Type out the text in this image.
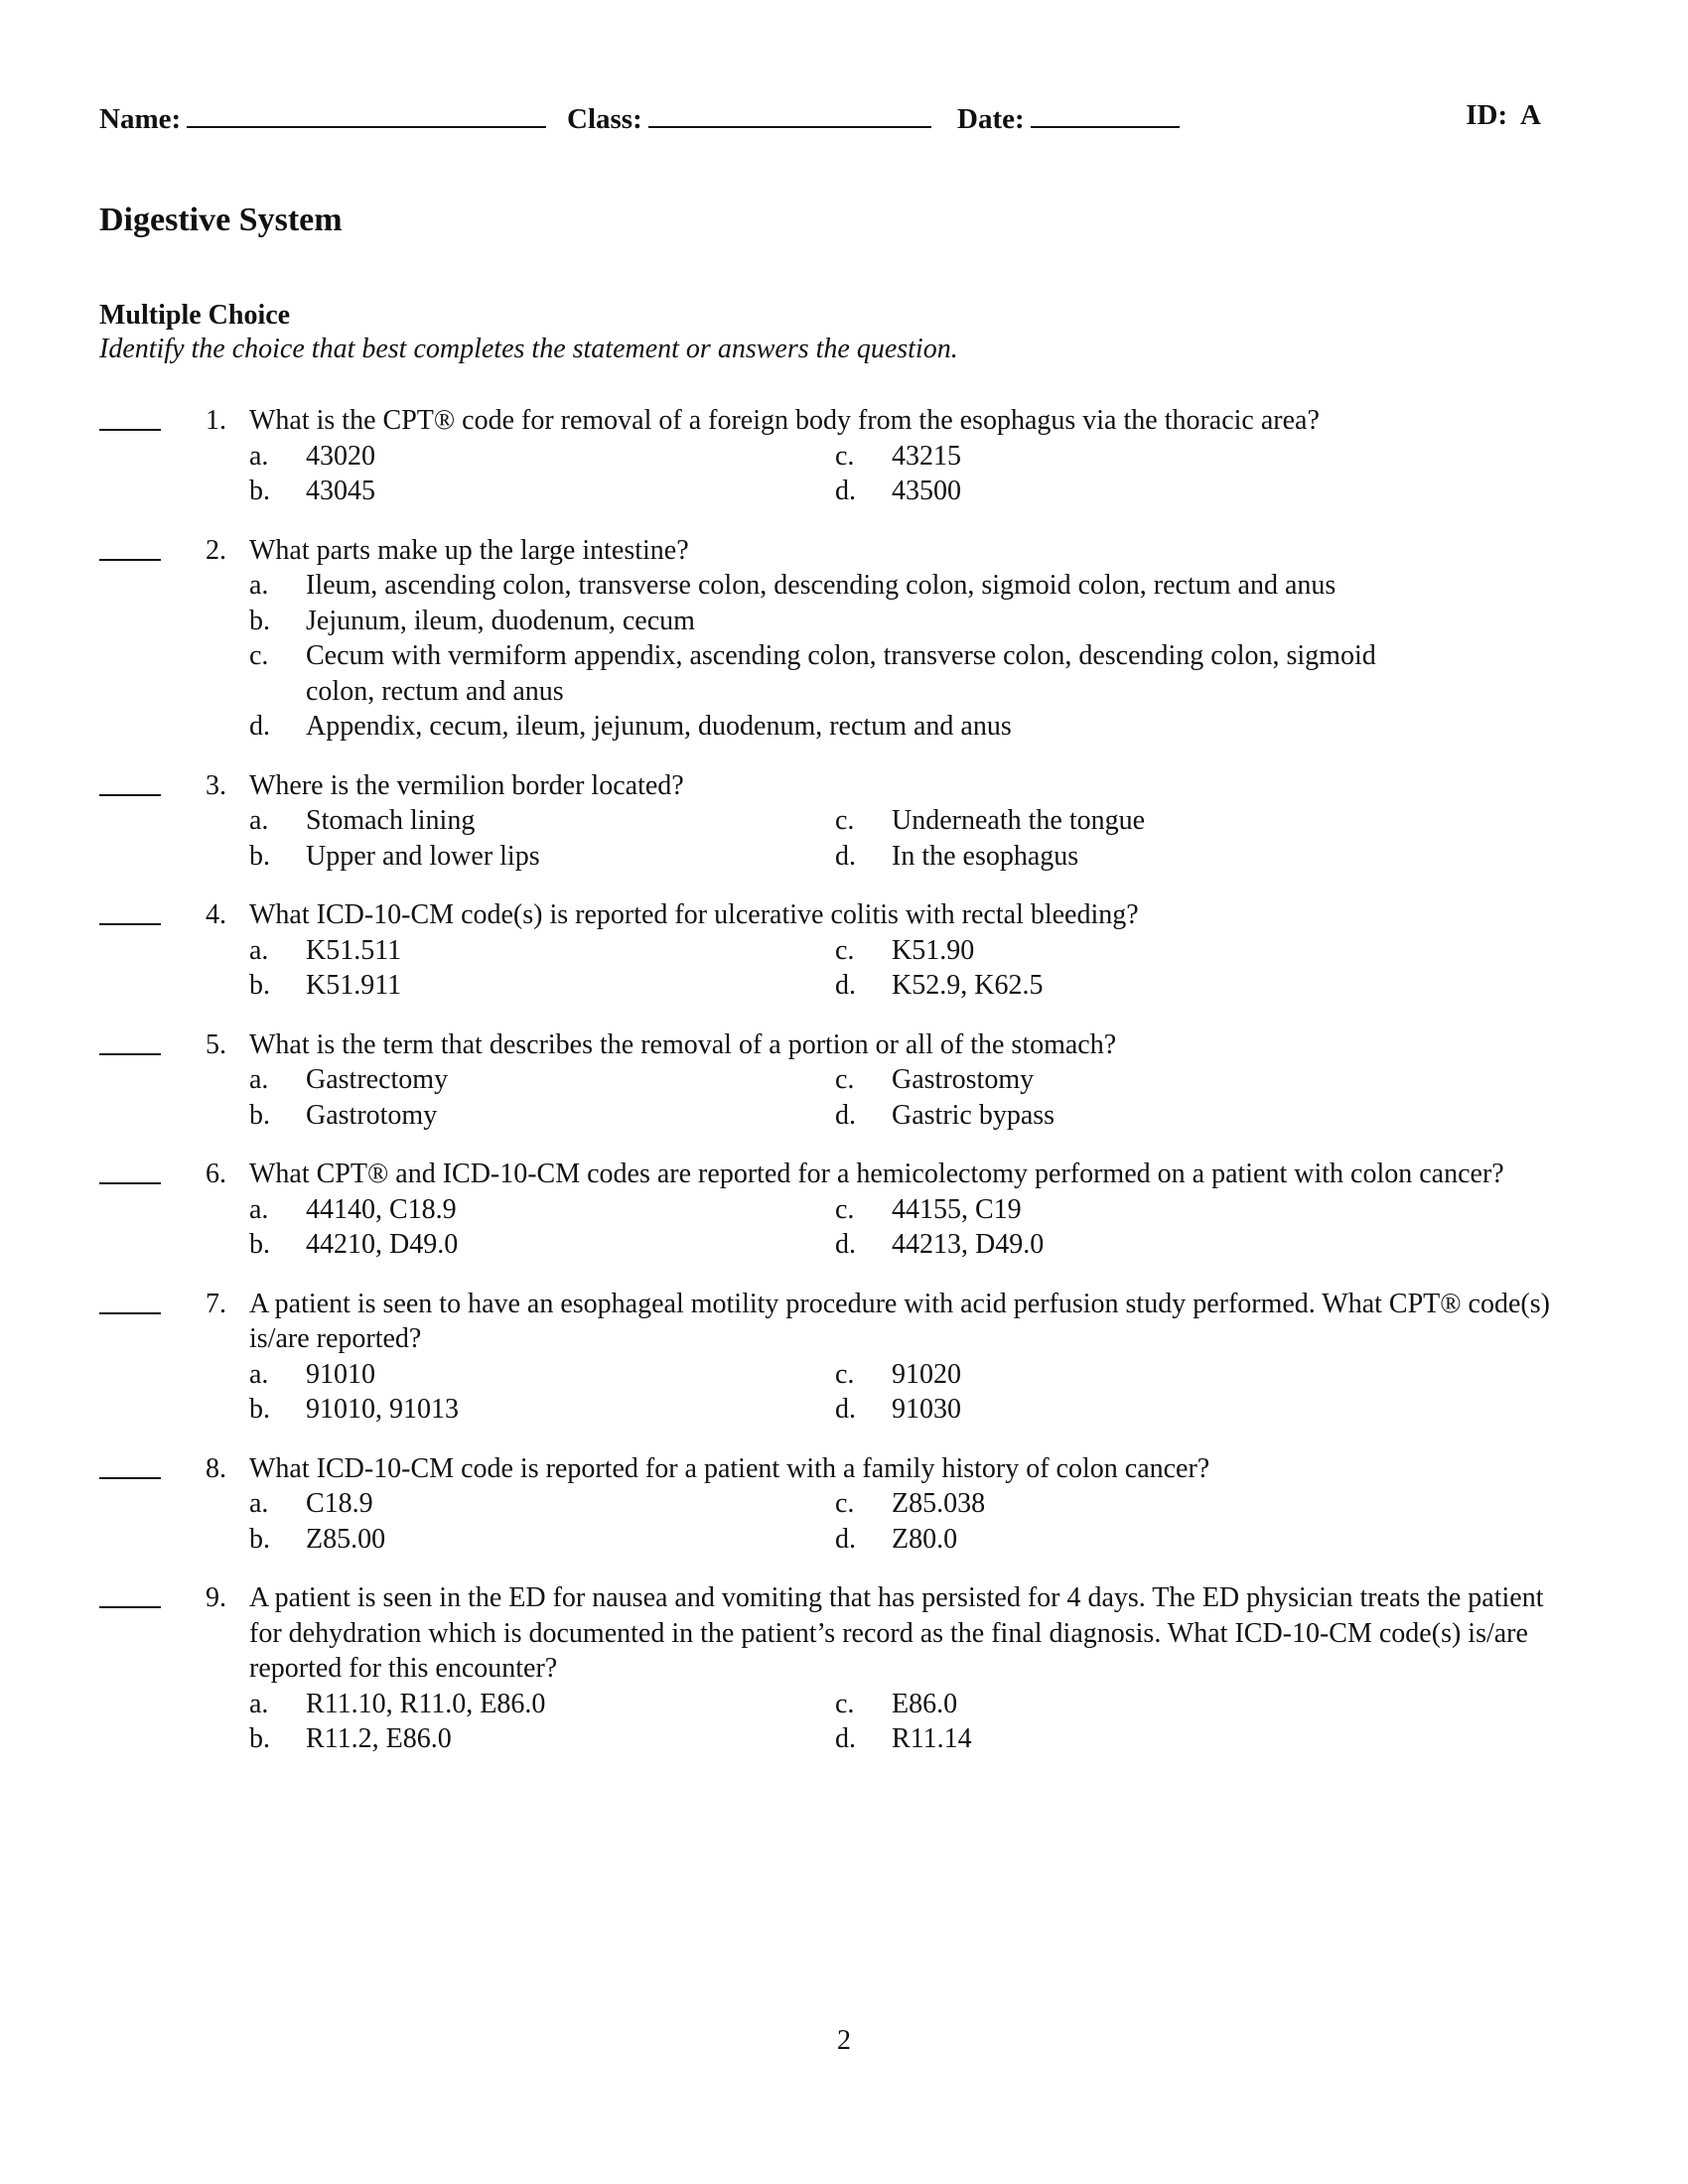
Name:	Class:	Date:	ID: A
Digestive System
Multiple Choice
Identify the choice that best completes the statement or answers the question.
1. What is the CPT® code for removal of a foreign body from the esophagus via the thoracic area?
a.	43020
b.	43045
c.	43215
d.	43500
2. What parts make up the large intestine?
a.	Ileum, ascending colon, transverse colon, descending colon, sigmoid colon, rectum and anus
b.	Jejunum, ileum, duodenum, cecum
c.	Cecum with vermiform appendix, ascending colon, transverse colon, descending colon, sigmoid colon, rectum and anus
d.	Appendix, cecum, ileum, jejunum, duodenum, rectum and anus
3. Where is the vermilion border located?
a.	Stomach lining
b.	Upper and lower lips
c.	Underneath the tongue
d.	In the esophagus
4. What ICD-10-CM code(s) is reported for ulcerative colitis with rectal bleeding?
a.	K51.511
b.	K51.911
c.	K51.90
d.	K52.9, K62.5
5. What is the term that describes the removal of a portion or all of the stomach?
a.	Gastrectomy
b.	Gastrotomy
c.	Gastrostomy
d.	Gastric bypass
6. What CPT® and ICD-10-CM codes are reported for a hemicolectomy performed on a patient with colon cancer?
a.	44140, C18.9
b.	44210, D49.0
c.	44155, C19
d.	44213, D49.0
7. A patient is seen to have an esophageal motility procedure with acid perfusion study performed. What CPT® code(s) is/are reported?
a.	91010
b.	91010, 91013
c.	91020
d.	91030
8. What ICD-10-CM code is reported for a patient with a family history of colon cancer?
a.	C18.9
b.	Z85.00
c.	Z85.038
d.	Z80.0
9. A patient is seen in the ED for nausea and vomiting that has persisted for 4 days. The ED physician treats the patient for dehydration which is documented in the patient’s record as the final diagnosis. What ICD-10-CM code(s) is/are reported for this encounter?
a.	R11.10, R11.0, E86.0
b.	R11.2, E86.0
c.	E86.0
d.	R11.14
2
